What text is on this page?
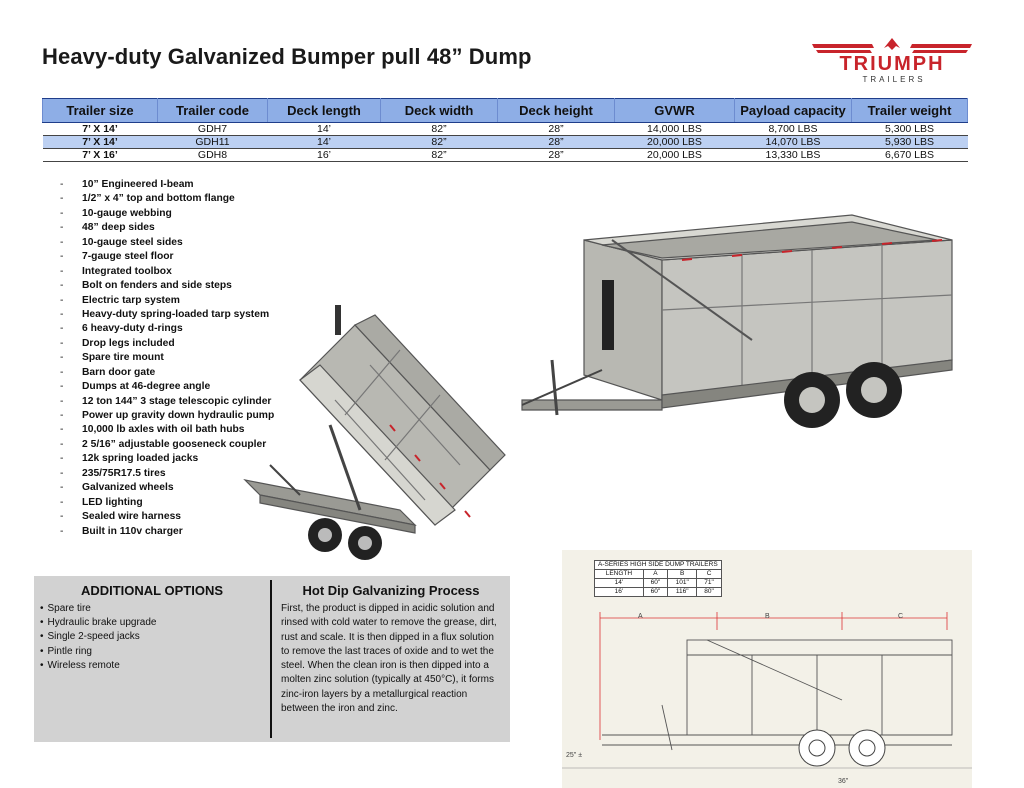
Heavy-duty Galvanized Bumper pull 48” Dump	TRIUMPH
TRAILERS
Trailer size	Trailer code	Deck length	Deck width	Deck height	GVWR	Payload capacity	Trailer weight
7’ X 14’	GDH7	14’	82”	28”	14,000 LBS	8,700 LBS	5,300 LBS
7’ X 14’	GDH11	14’	82”	28”	20,000 LBS	14,070 LBS	5,930 LBS
7’ X 16’	GDH8	16’	82”	28”	20,000 LBS	13,330 LBS	6,670 LBS
- 10” Engineered I-beam
- 1/2” x 4” top and bottom flange
- 10-gauge webbing
- 48” deep sides
- 10-gauge steel sides
- 7-gauge steel floor
- Integrated toolbox
- Bolt on fenders and side steps
- Electric tarp system
- Heavy-duty spring-loaded tarp system
- 6 heavy-duty d-rings
- Drop legs included
- Spare tire mount
- Barn door gate
- Dumps at 46-degree angle
- 12 ton 144” 3 stage telescopic cylinder
- Power up gravity down hydraulic pump
- 10,000 lb axles with oil bath hubs
- 2 5/16” adjustable gooseneck coupler
- 12k spring loaded jacks
- 235/75R17.5 tires
- Galvanized wheels
- LED lighting
- Sealed wire harness
- Built in 110v charger
ADDITIONAL OPTIONS
• Spare tire
• Hydraulic brake upgrade
• Single 2-speed jacks
• Pintle ring
• Wireless remote
Hot Dip Galvanizing Process
First, the product is dipped in acidic solution and rinsed with cold water to remove the grease, dirt, rust and scale. It is then dipped in a flux solution to remove the last traces of oxide and to wet the steel. When the clean iron is then dipped into a molten zinc solution (typically at 450°C), it forms zinc-iron layers by a metallurgical reaction between the iron and zinc.
A-SERIES HIGH SIDE DUMP TRAILERS			
LENGTH	A	B	C
14'	60"	101"	71"
16'	60"	116"	80"
A	B	C
25" ±
36"
